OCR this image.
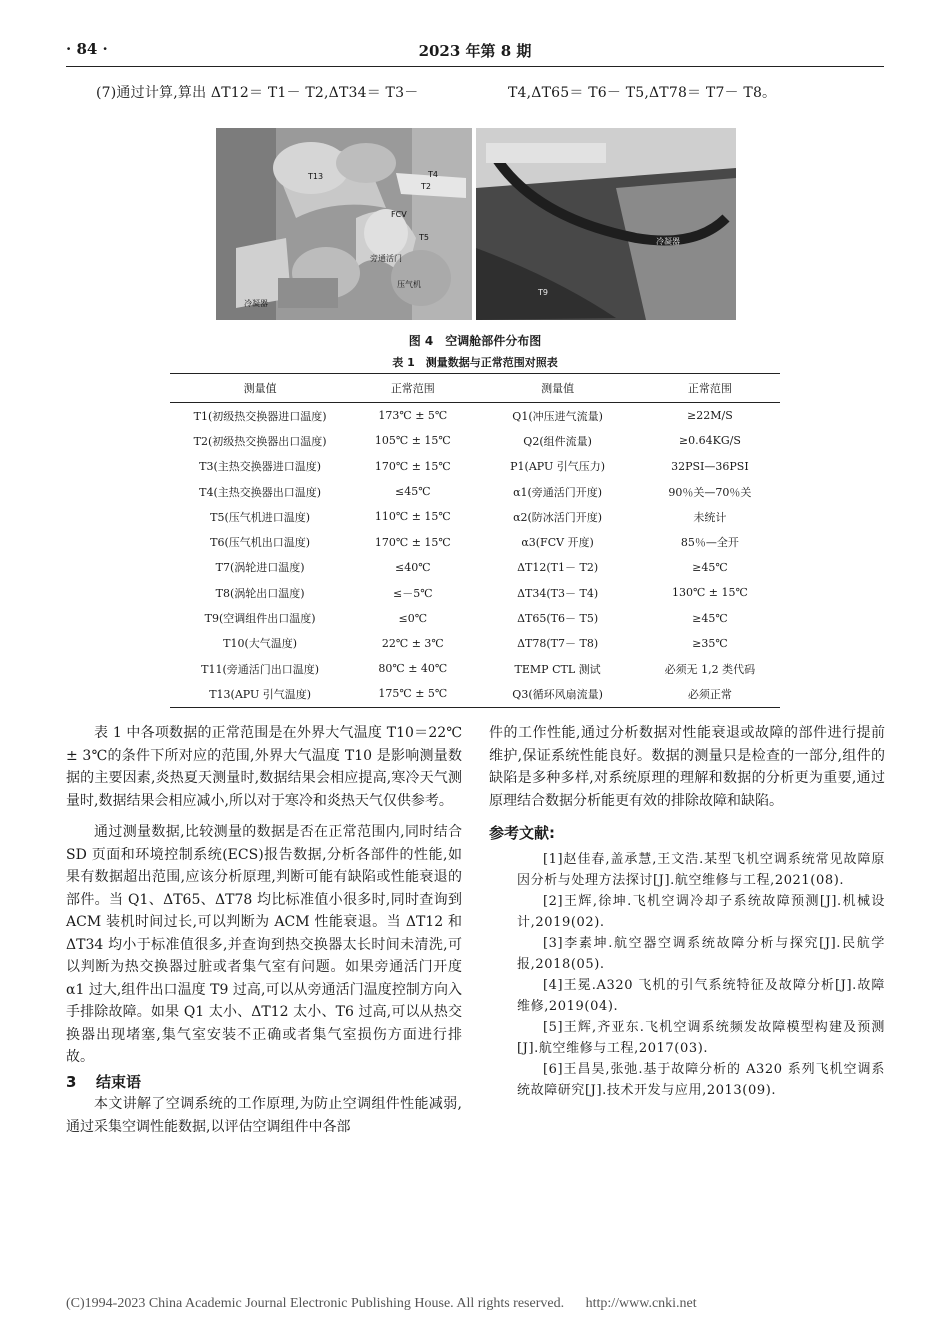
· 84 ·	2023 年第 8 期
(7)通过计算,算出 ΔT12＝ T1－ T2,ΔT34＝ T3－	T4,ΔT65＝ T6－ T5,ΔT78＝ T7－ T8。
T13	T4
T2
FCV
T5
旁通活门
压气机
冷凝器
冷凝器
T9
图 4　空调舱部件分布图
表 1　测量数据与正常范围对照表
测量值	正常范围	测量值	正常范围
T1(初级热交换器进口温度)	173℃ ± 5℃	Q1(冲压进气流量)	≥22M/S
T2(初级热交换器出口温度)	105℃ ± 15℃	Q2(组件流量)	≥0.64KG/S
T3(主热交换器进口温度)	170℃ ± 15℃	P1(APU 引气压力)	32PSI—36PSI
T4(主热交换器出口温度)	≤45℃	α1(旁通活门开度)	90％关—70％关
T5(压气机进口温度)	110℃ ± 15℃	α2(防冰活门开度)	未统计
T6(压气机出口温度)	170℃ ± 15℃	α3(FCV 开度)	85％—全开
T7(涡轮进口温度)	≤40℃	ΔT12(T1－ T2)	≥45℃
T8(涡轮出口温度)	≤－5℃	ΔT34(T3－ T4)	130℃ ± 15℃
T9(空调组件出口温度)	≤0℃	ΔT65(T6－ T5)	≥45℃
T10(大气温度)	22℃ ± 3℃	ΔT78(T7－ T8)	≥35℃
T11(旁通活门出口温度)	80℃ ± 40℃	TEMP CTL 测试	必须无 1,2 类代码
T13(APU 引气温度)	175℃ ± 5℃	Q3(循环风扇流量)	必须正常

表 1 中各项数据的正常范围是在外界大气温度 T10＝22℃ ± 3℃的条件下所对应的范围,外界大气温度 T10 是影响测量数据的主要因素,炎热夏天测量时,数据结果会相应提高,寒冷天气测量时,数据结果会相应减小,所以对于寒冷和炎热天气仅供参考。

通过测量数据,比较测量的数据是否在正常范围内,同时结合 SD 页面和环境控制系统(ECS)报告数据,分析各部件的性能,如果有数据超出范围,应该分析原理,判断可能有缺陷或性能衰退的部件。当 Q1、ΔT65、ΔT78 均比标准值小很多时,同时查询到 ACM 装机时间过长,可以判断为 ACM 性能衰退。当 ΔT12 和 ΔT34 均小于标准值很多,并查询到热交换器太长时间未清洗,可以判断为热交换器过脏或者集气室有问题。如果旁通活门开度 α1 过大,组件出口温度 T9 过高,可以从旁通活门温度控制方向入手排除故障。如果 Q1 太小、ΔT12 太小、T6 过高,可以从热交换器出现堵塞,集气室安装不正确或者集气室损伤方面进行排故。

3 结束语

本文讲解了空调系统的工作原理,为防止空调组件性能减弱,通过采集空调性能数据,以评估空调组件中各部

件的工作性能,通过分析数据对性能衰退或故障的部件进行提前维护,保证系统性能良好。数据的测量只是检查的一部分,组件的缺陷是多种多样,对系统原理的理解和数据的分析更为重要,通过原理结合数据分析能更有效的排除故障和缺陷。

参考文献:

[1]赵佳春,盖承慧,王文浩.某型飞机空调系统常见故障原因分析与处理方法探讨[J].航空维修与工程,2021(08).

[2]王辉,徐坤.飞机空调冷却子系统故障预测[J].机械设计,2019(02).

[3]李素坤.航空器空调系统故障分析与探究[J].民航学报,2018(05).

[4]王冕.A320 飞机的引气系统特征及故障分析[J].故障维修,2019(04).

[5]王辉,齐亚东.飞机空调系统频发故障模型构建及预测[J].航空维修与工程,2017(03).

[6]王昌昊,张弛.基于故障分析的 A320 系列飞机空调系统故障研究[J].技术开发与应用,2013(09).

(C)1994-2023 China Academic Journal Electronic Publishing House. All rights reserved. http://www.cnki.net
